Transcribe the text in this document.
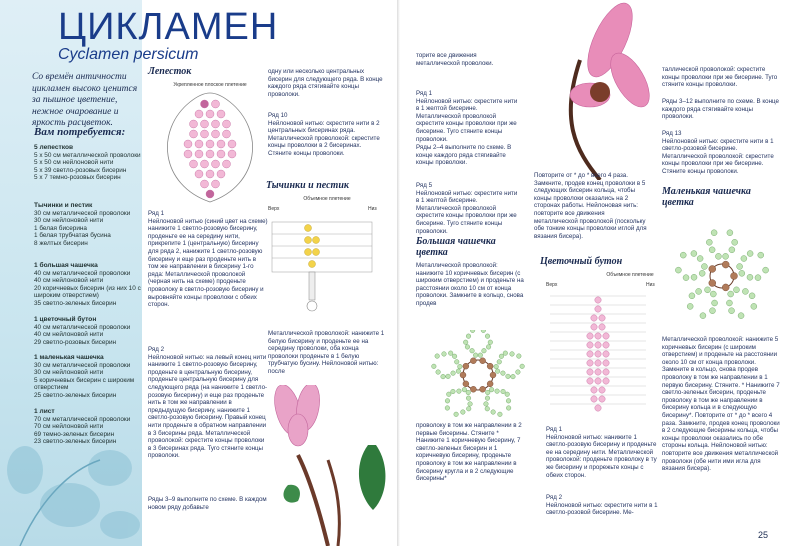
ЦИКЛАМЕН
Cyclamen persicum
Со времён античности цикламен высоко ценится за пышное цветение, нежное очарование и яркость расцветок.
Вам потребуется:
5 лепестков
5 х 50 см металлической проволоки
5 х 50 см нейлоновой нити
5 х 39 светло-розовых бисерин
5 х 7 темно-розовых бисерин
Тычинки и пестик
30 см металлической проволоки
30 см нейлоновой нити
1 белая бисерина
1 белая трубчатая бусина
8 желтых бисерин
1 большая чашечка
40 см металлической проволоки
40 см нейлоновой нити
20 коричневых бисерин (из них 10 с широким отверстием)
35 светло-зеленых бисерин
1 цветочный бутон
40 см металлической проволоки
40 см нейлоновой нити
29 светло-розовых бисерин
1 маленькая чашечка
30 см металлической проволоки
30 см нейлоновой нити
5 коричневых бисерин с широким отверстием
25 светло-зеленых бисерин
1 лист
70 см металлической проволоки
70 см нейлоновой нити
69 темно-зеленых бисерин
23 светло-зеленых бисерин
Лепесток
Укрепленное плоское плетение
Ряд 1
Нейлоновой нитью (синий цвет на схеме) нанижите 1 светло-розовую бисерину, проденьте ее на середину нити, прикрепите 1 (центральную) бисерину для ряда 2, нанижите 1 светло-розовую бисерину и еще раз проденьте нить в том же направлении в бисерину 1-го ряда: Металлической проволокой (черная нить на схеме) проденьте проволоку в светло-розовую бисерину и выровняйте концы проволоки с обеих сторон.
Ряд 2
Нейлоновой нитью: на левый конец нити нанижите 1 светло-розовую бисерину, проденьте в центральную бисерину, проденьте центральную бисерину для следующего ряда (на нанижите 1 светло-розовую бисерину) и еще раз проденьте нить в том же направлении в предыдущую бисерину, нанижите 1 светло-розовую бисерину. Правый конец нити проденьте в обратном направлении в 3 бисерины ряда. Металлической проволокой: скрестите концы проволоки в 3 бисеринах ряда. Туго стяните концы проволоки.
Ряды 3–9 выполните по схеме. В каждом новом ряду добавьте
одну или несколько центральных бисерин для следующего ряда. В конце каждого ряда стягивайте концы проволоки.
Ряд 10
Нейлоновой нитью: скрестите нити в 2 центральных бисеринах ряда. Металлической проволокой: скрестите концы проволоки в 2 бисеринах. Стяните концы проволоки.
Тычинки и пестик
Объемное плетение
Верх	Низ
Металлической проволокой: нанижите 1 белую бисерину и проденьте ее на середину проволоки, оба конца проволоки проденьте в 1 белую трубчатую бусину. Нейлоновой нитью: после
торите все движения металлической проволоки.
Ряд 1
Нейлоновой нитью: скрестите нити в 1 желтой бисерине. Металлической проволокой скрестите концы проволоки при же бисерине. Туго стяните концы проволоки.
Ряды 2–4 выполните по схеме. В конце каждого ряда стягивайте концы проволоки.
Ряд 5
Нейлоновой нитью: скрестите нити в 1 желтой бисерине. Металлической проволокой скрестите концы проволоки при же бисерине. Туго стяните концы проволоки.
Большая чашечка цветка
Металлической проволокой: нанижите 10 коричневых бисерин (с широким отверстием) и проденьте на расстоянии около 10 см от конца проволоки. Замкните в кольцо, снова продев
проволоку в том же направлении в 2 первые бисерины. Стяните * Нанижите 1 коричневую бисерину, 7 светло-зеленых бисерин и 1 коричневую бисерину, проденьте проволоку в том же направлении в бисерину кругла и в 2 следующие бисерины*
Повторите от * до * всего 4 раза. Замкните, продев конец проволоки в 5 следующих бисерин кольца, чтобы концы проволоки оказались на 2 сторонах работы. Нейлоновая нить: повторите все движения металлической проволокой (поскольку обе тонкие концы проволоки иглой для вязания бисера).
Цветочный бутон
Объемное плетение
Верх	Низ
Ряд 1
Нейлоновой нитью: нанижите 1 светло-розовую бисерину и проденьте ее на середину нити. Металлической проволокой: проденьте проволоку в ту же бисерину и прорежьте концы с обеих сторон.
Ряд 2
Нейлоновой нитью: скрестите нити в 1 светло-розовой бисерине. Ме-
таллической проволокой: скрестите концы проволоки при же бисерине. Туго стяните концы проволоки.
Ряды 3–12 выполните по схеме. В конце каждого ряда стягивайте концы проволоки.
Ряд 13
Нейлоновой нитью: скрестите нити в 1 светло-розовой бисерине. Металлической проволокой: скрестите концы проволоки при же бисерине. Стяните концы проволоки.
Маленькая чашечка цветка
Металлической проволокой: нанижите 5 коричневых бисерин (с широким отверстием) и проденьте на расстоянии около 10 см от конца проволоки. Замкните в кольцо, снова продев проволоку в том же направлении в 1 первую бисерину. Стяните. * Нанижите 7 светло-зеленых бисерин, проденьте проволоку в том же направлении в бисерину кольца и в следующую бисерину*. Повторите от * до * всего 4 раза. Замкните, продев конец проволоки в 2 следующие бисерины кольца, чтобы концы проволоки оказались по обе стороны кольца. Нейлоновой нитью: повторите все движения металлической проволоки (обе нити ими игла для вязания бисера).
25
